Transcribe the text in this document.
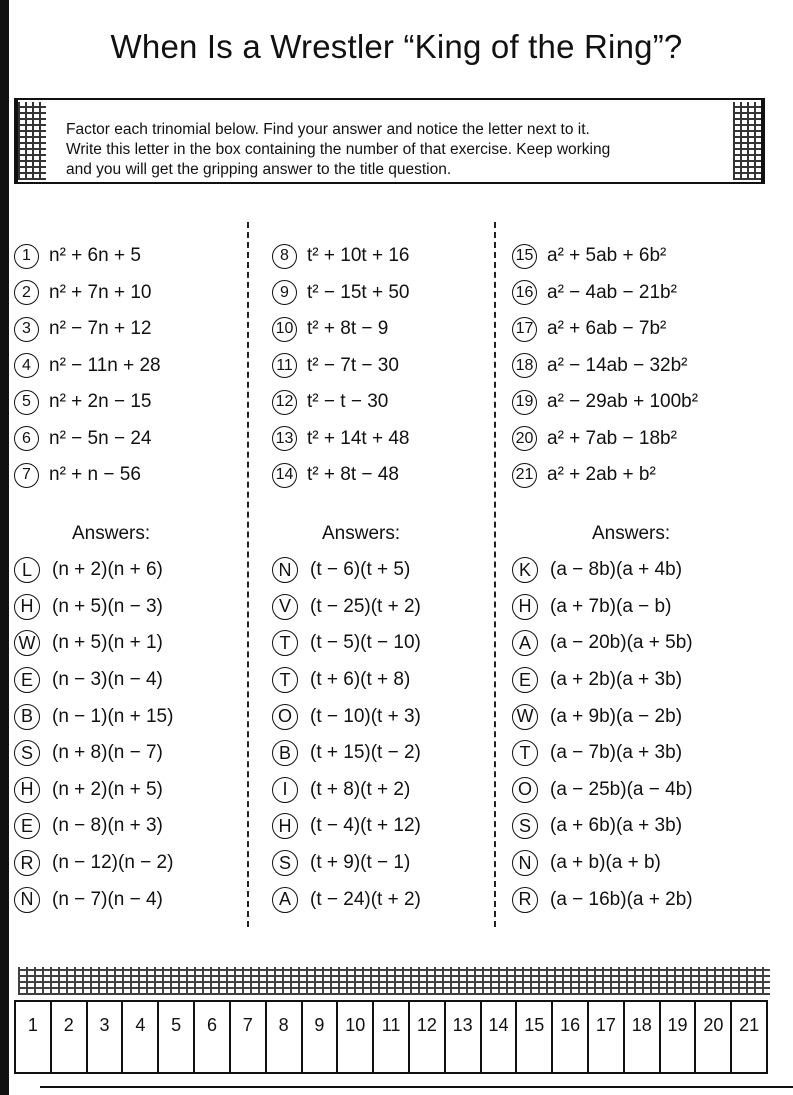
When Is a Wrestler “King of the Ring”?
Factor each trinomial below. Find your answer and notice the letter next to it.
Write this letter in the box containing the number of that exercise. Keep working
and you will get the gripping answer to the title question.
1 n² + 6n + 5
2 n² + 7n + 10
3 n² − 7n + 12
4 n² − 11n + 28
5 n² + 2n − 15
6 n² − 5n − 24
7 n² + n − 56
8 t² + 10t + 16
9 t² − 15t + 50
10 t² + 8t − 9
11 t² − 7t − 30
12 t² − t − 30
13 t² + 14t + 48
14 t² + 8t − 48
15 a² + 5ab + 6b²
16 a² − 4ab − 21b²
17 a² + 6ab − 7b²
18 a² − 14ab − 32b²
19 a² − 29ab + 100b²
20 a² + 7ab − 18b²
21 a² + 2ab + b²
Answers:	Answers:	Answers:
L	(n + 2)(n + 6)
H (n + 5)(n − 3)
W (n + 5)(n + 1)
E	(n − 3)(n − 4)
B	(n − 1)(n + 15)
S	(n + 8)(n − 7)
H (n + 2)(n + 5)
E	(n − 8)(n + 3)
R (n − 12)(n − 2)
N (n − 7)(n − 4)
N (t − 6)(t + 5)
V	(t − 25)(t + 2)
T	(t − 5)(t − 10)
T	(t + 6)(t + 8)
O (t − 10)(t + 3)
B	(t + 15)(t − 2)
I	(t + 8)(t + 2)
H (t − 4)(t + 12)
S	(t + 9)(t − 1)
A	(t − 24)(t + 2)
K	(a − 8b)(a + 4b)
H (a + 7b)(a − b)
A	(a − 20b)(a + 5b)
E	(a + 2b)(a + 3b)
W (a + 9b)(a − 2b)
T	(a − 7b)(a + 3b)
O (a − 25b)(a − 4b)
S	(a + 6b)(a + 3b)
N (a + b)(a + b)
R (a − 16b)(a + 2b)
1	2	3	4	5	6	7	8	9	10 11 12 13 14 15 16 17 18 19 20 21
